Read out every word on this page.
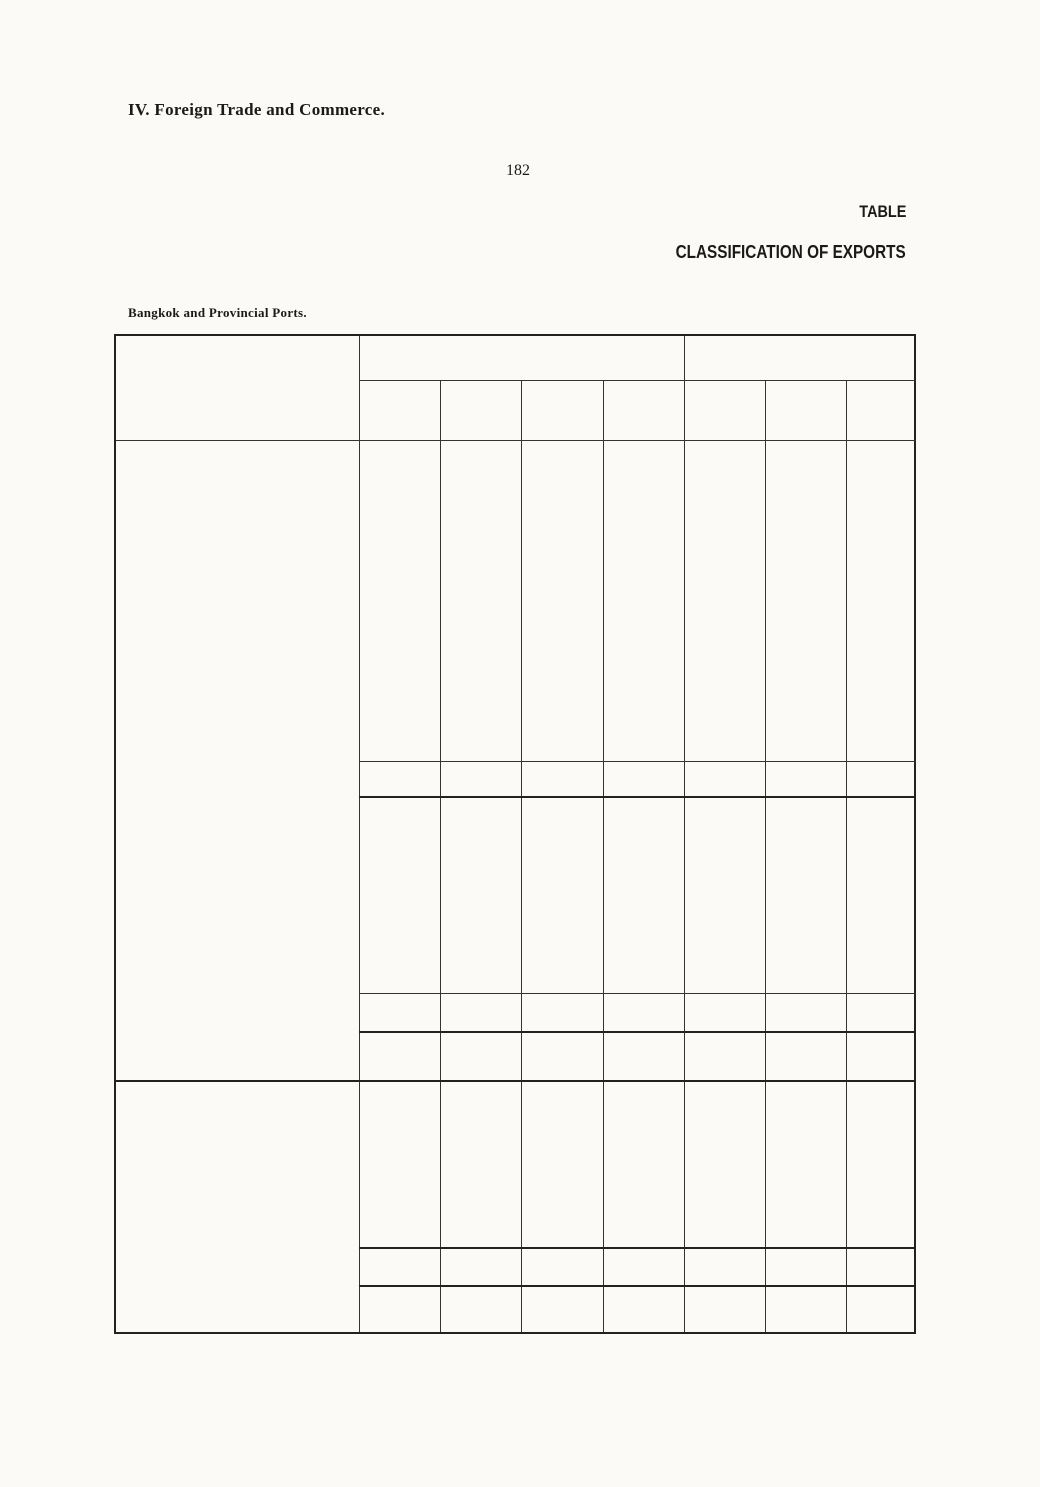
IV. Foreign Trade and Commerce.
182
TABLE
CLASSIFICATION OF EXPORTS
Bangkok and Provincial Ports.
